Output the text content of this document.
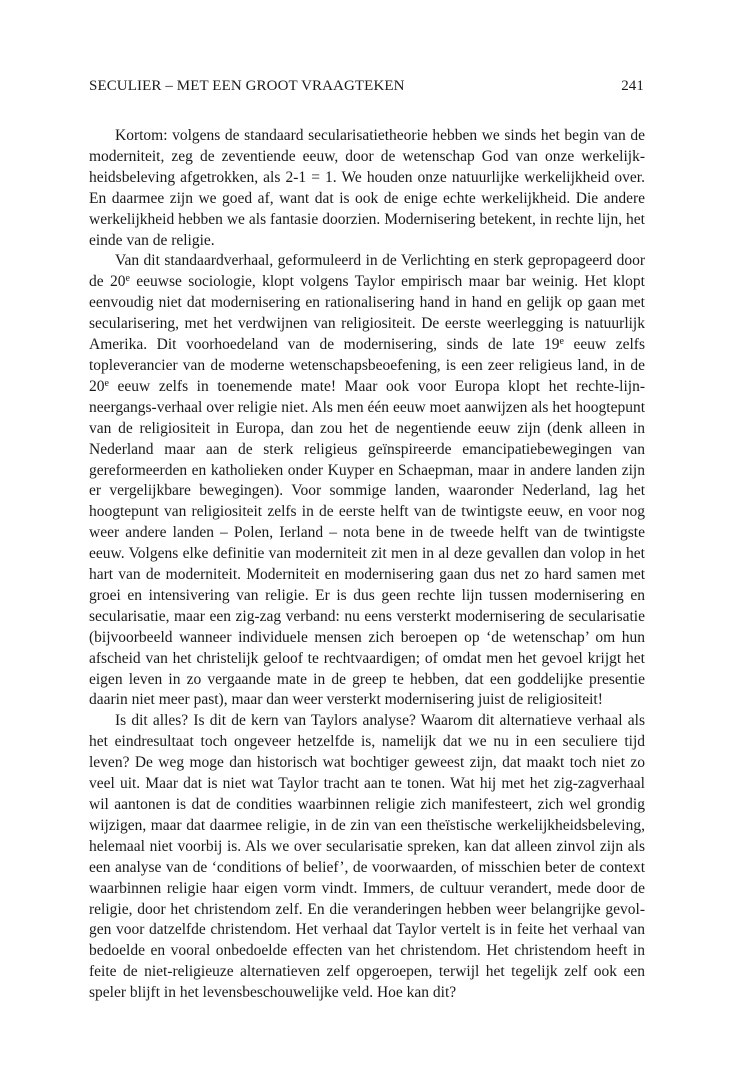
SECULIER – MET EEN GROOT VRAAGTEKEN	241

Kortom: volgens de standaard secularisatietheorie hebben we sinds het begin van de moderniteit, zeg de zeventiende eeuw, door de wetenschap God van onze werkelijkheidsbeleving afgetrokken, als 2-1 = 1. We houden onze natuurlijke werkelijkheid over. En daarmee zijn we goed af, want dat is ook de enige echte werkelijkheid. Die andere werkelijkheid hebben we als fantasie doorzien. Modernisering betekent, in rechte lijn, het einde van de religie.

Van dit standaardverhaal, geformuleerd in de Verlichting en sterk gepropageerd door de 20e eeuwse sociologie, klopt volgens Taylor empirisch maar bar weinig. Het klopt eenvoudig niet dat modernisering en rationalisering hand in hand en gelijk op gaan met secularisering, met het verdwijnen van religiositeit. De eerste weerlegging is natuurlijk Amerika. Dit voorhoedeland van de modernisering, sinds de late 19e eeuw zelfs topleverancier van de moderne wetenschapsbeoefening, is een zeer religieus land, in de 20e eeuw zelfs in toenemende mate! Maar ook voor Europa klopt het rechte-lijnneergangs-verhaal over religie niet. Als men één eeuw moet aanwijzen als het hoogtepunt van de religiositeit in Europa, dan zou het de negentiende eeuw zijn (denk alleen in Nederland maar aan de sterk religieus geïnspireerde emancipatiebewegingen van gereformeerden en katholieken onder Kuyper en Schaepman, maar in andere landen zijn er vergelijkbare bewegingen). Voor sommige landen, waaronder Nederland, lag het hoogtepunt van religiositeit zelfs in de eerste helft van de twintigste eeuw, en voor nog weer andere landen – Polen, Ierland – nota bene in de tweede helft van de twintigste eeuw. Volgens elke definitie van moderniteit zit men in al deze gevallen dan volop in het hart van de moderniteit. Moderniteit en modernisering gaan dus net zo hard samen met groei en intensivering van religie. Er is dus geen rechte lijn tussen modernisering en secularisatie, maar een zig-zag verband: nu eens versterkt modernisering de secularisatie (bijvoorbeeld wanneer individuele mensen zich beroepen op ‘de wetenschap’ om hun afscheid van het christelijk geloof te rechtvaardigen; of omdat men het gevoel krijgt het eigen leven in zo vergaande mate in de greep te hebben, dat een goddelijke presentie daarin niet meer past), maar dan weer versterkt modernisering juist de religiositeit!

Is dit alles? Is dit de kern van Taylors analyse? Waarom dit alternatieve verhaal als het eindresultaat toch ongeveer hetzelfde is, namelijk dat we nu in een seculiere tijd leven? De weg moge dan historisch wat bochtiger geweest zijn, dat maakt toch niet zo veel uit. Maar dat is niet wat Taylor tracht aan te tonen. Wat hij met het zig-zagverhaal wil aantonen is dat de condities waarbinnen religie zich manifesteert, zich wel grondig wijzigen, maar dat daarmee religie, in de zin van een theïstische werkelijkheidsbeleving, helemaal niet voorbij is. Als we over secularisatie spreken, kan dat alleen zinvol zijn als een analyse van de ‘conditions of belief’, de voorwaarden, of misschien beter de context waarbinnen religie haar eigen vorm vindt. Immers, de cultuur verandert, mede door de religie, door het christendom zelf. En die veranderingen hebben weer belangrijke gevolgen voor datzelfde christendom. Het verhaal dat Taylor vertelt is in feite het verhaal van bedoelde en vooral onbedoelde effecten van het christendom. Het christendom heeft in feite de niet-religieuze alternatieven zelf opgeroepen, terwijl het tegelijk zelf ook een speler blijft in het levensbeschouwelijke veld. Hoe kan dit?
